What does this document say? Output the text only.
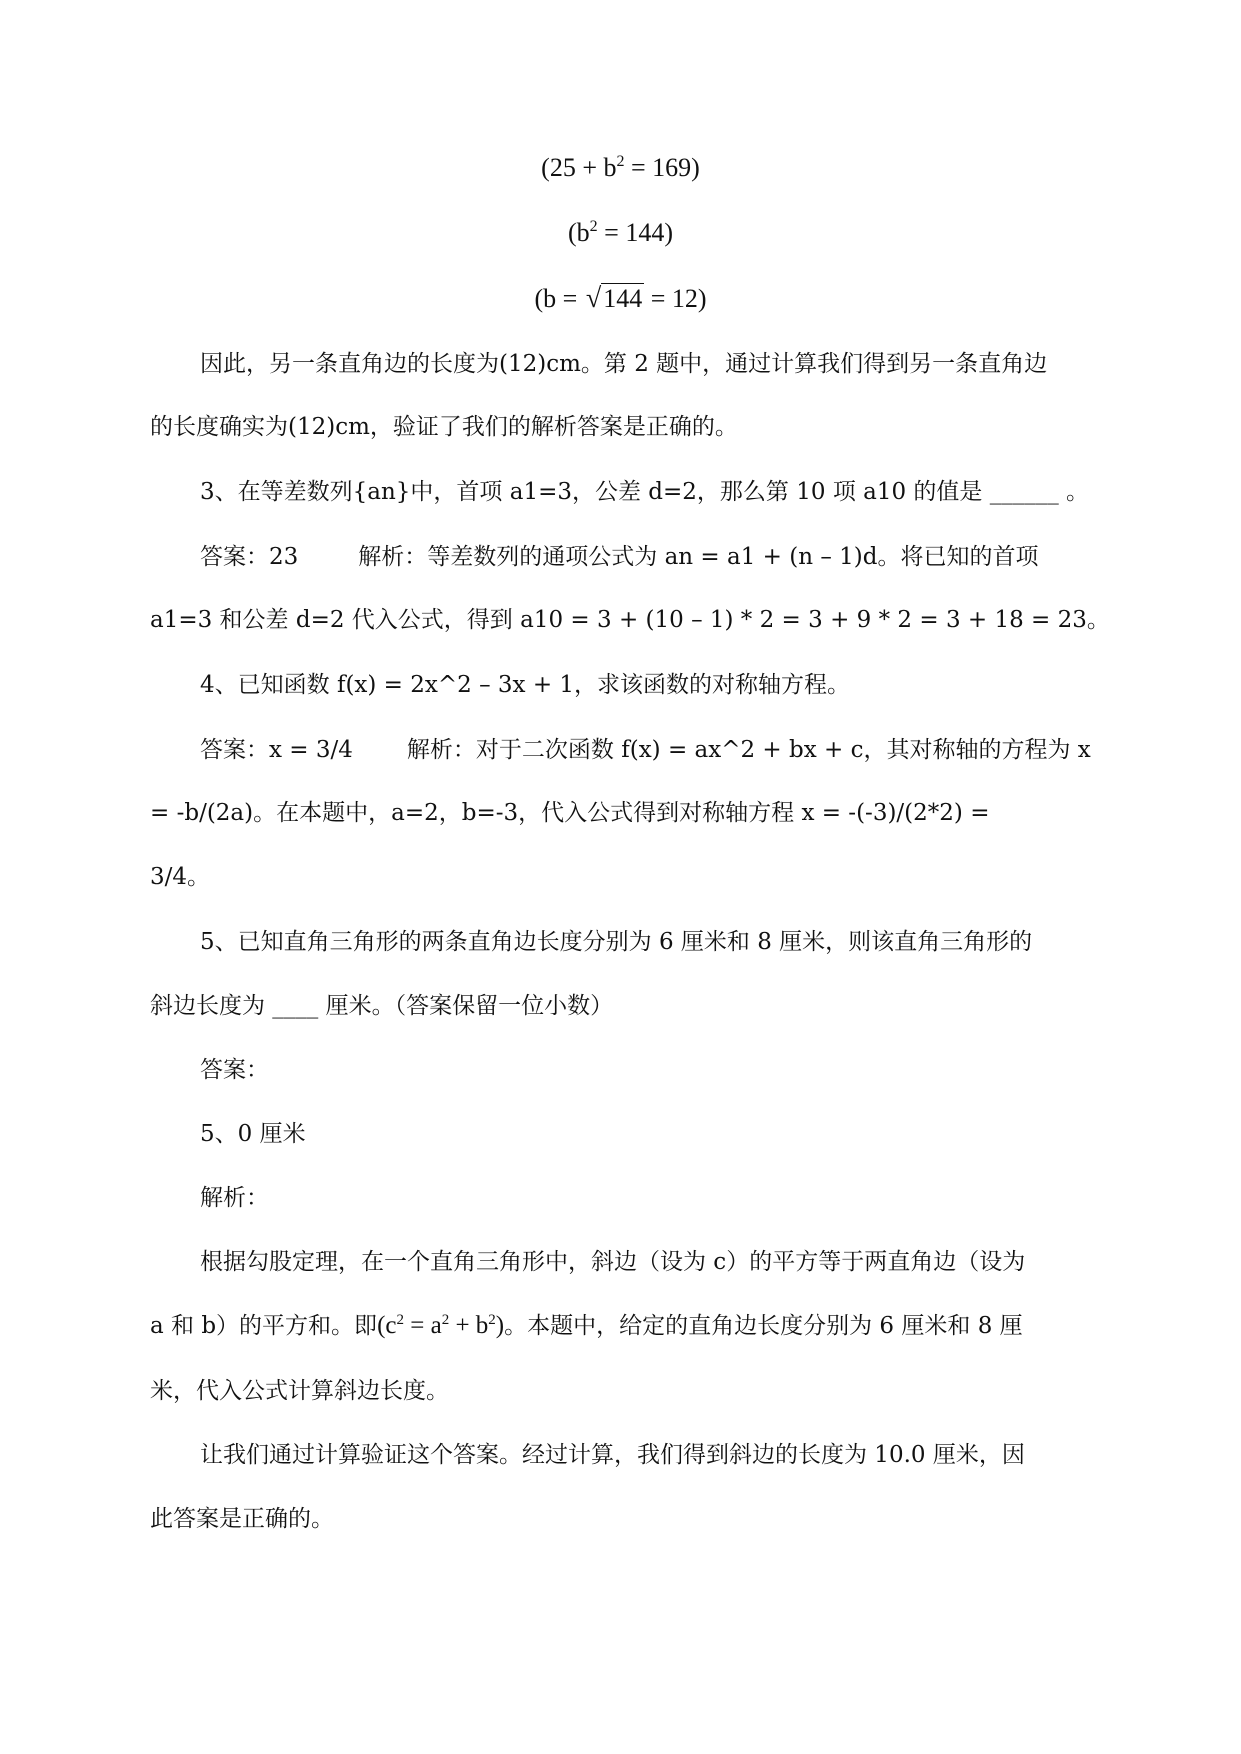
$(25 + b^2 = 169)$
$(b^2 = 144)$
(b = √144 = 12)
因此，另一条直角边的长度为(12)cm。第 2 题中，通过计算我们得到另一条直角边
的长度确实为(12)cm，验证了我们的解析答案是正确的。
3、在等差数列{an}中，首项 a1=3，公差 d=2，那么第 10 项 a10 的值是 ______ 。
答案：23	解析：等差数列的通项公式为 an = a1 + (n – 1)d。将已知的首项
a1=3 和公差 d=2 代入公式，得到 a10 = 3 + (10 – 1) * 2 = 3 + 9 * 2 = 3 + 18 = 23。
4、已知函数 f(x) = 2x^2 – 3x + 1，求该函数的对称轴方程。
答案：x = 3/4 解析：对于二次函数 f(x) = ax^2 + bx + c，其对称轴的方程为 x
= -b/(2a)。在本题中，a=2，b=-3，代入公式得到对称轴方程 x = -(-3)/(2*2) =
3/4。
5、已知直角三角形的两条直角边长度分别为 6 厘米和 8 厘米，则该直角三角形的
斜边长度为 ____ 厘米。（答案保留一位小数）
答案：
5、0 厘米
解析：
根据勾股定理，在一个直角三角形中，斜边（设为 c）的平方等于两直角边（设为
a 和 b）的平方和。即$(c^2 = a^2 + b^2)$。本题中，给定的直角边长度分别为 6 厘米和 8 厘
米，代入公式计算斜边长度。
让我们通过计算验证这个答案。经过计算，我们得到斜边的长度为 10.0 厘米，因
此答案是正确的。
